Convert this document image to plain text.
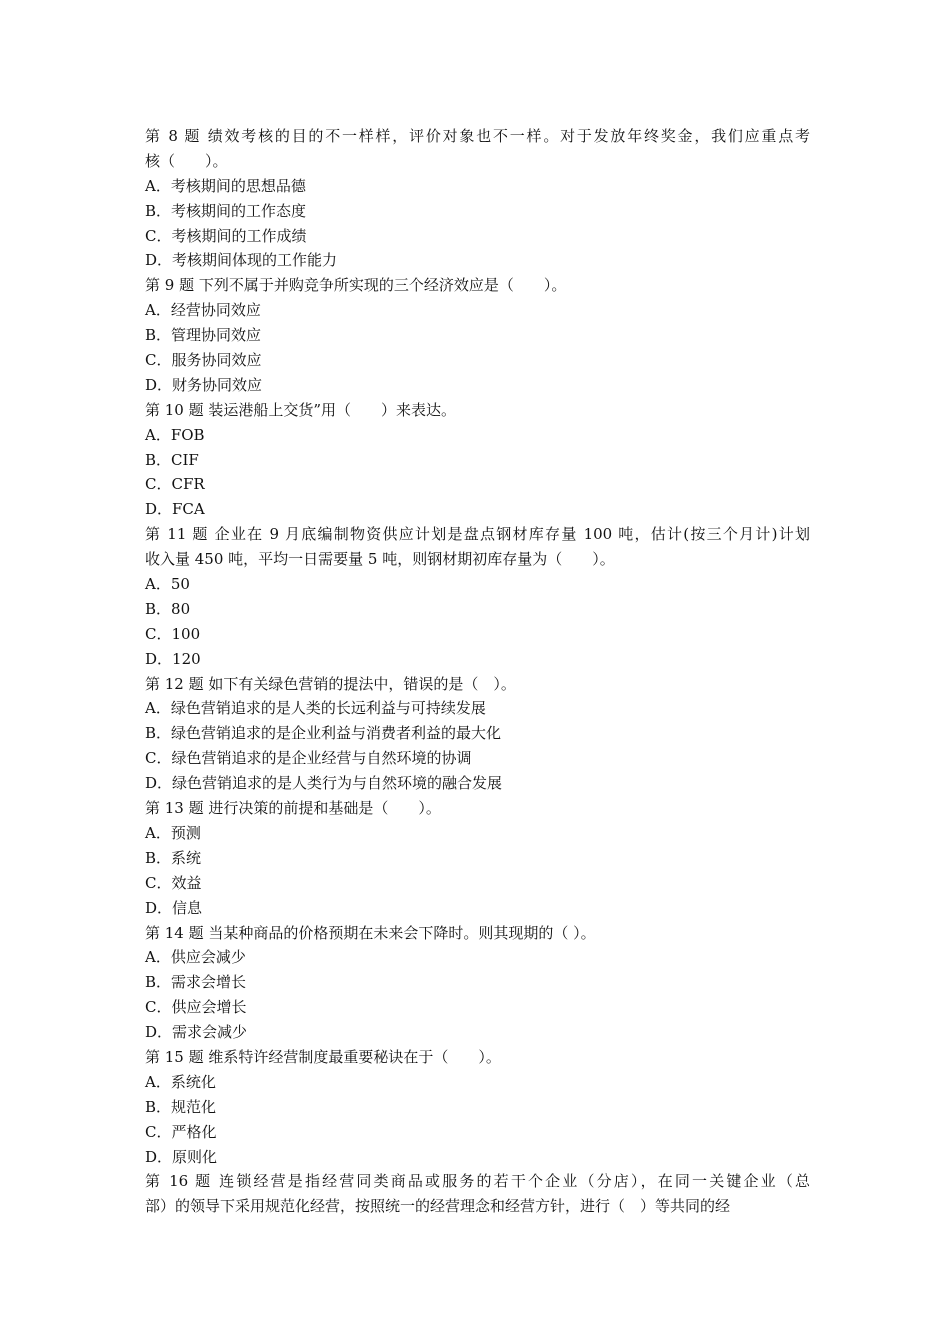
第 8 题 绩效考核的目的不一样样，评价对象也不一样。对于发放年终奖金，我们应重点考
核（　　）。
A．考核期间的思想品德
B．考核期间的工作态度
C．考核期间的工作成绩
D．考核期间体现的工作能力
第 9 题 下列不属于并购竞争所实现的三个经济效应是（　　）。
A．经营协同效应
B．管理协同效应
C．服务协同效应
D．财务协同效应
第 10 题 装运港船上交货”用（　　）来表达。
A．FOB
B．CIF
C．CFR
D．FCA
第 11 题 企业在 9 月底编制物资供应计划是盘点钢材库存量 100 吨，估计(按三个月计)计划
收入量 450 吨，平均一日需要量 5 吨，则钢材期初库存量为（　　）。
A．50
B．80
C．100
D．120
第 12 题 如下有关绿色营销的提法中，错误的是（　）。
A．绿色营销追求的是人类的长远利益与可持续发展
B．绿色营销追求的是企业利益与消费者利益的最大化
C．绿色营销追求的是企业经营与自然环境的协调
D．绿色营销追求的是人类行为与自然环境的融合发展
第 13 题 进行决策的前提和基础是（　　）。
A．预测
B．系统
C．效益
D．信息
第 14 题 当某种商品的价格预期在未来会下降时。则其现期的（ ）。
A．供应会减少
B．需求会增长
C．供应会增长
D．需求会减少
第 15 题 维系特许经营制度最重要秘诀在于（　　）。
A．系统化
B．规范化
C．严格化
D．原则化
第 16 题 连锁经营是指经营同类商品或服务的若干个企业（分店），在同一关键企业（总
部）的领导下采用规范化经营，按照统一的经营理念和经营方针，进行（　）等共同的经
